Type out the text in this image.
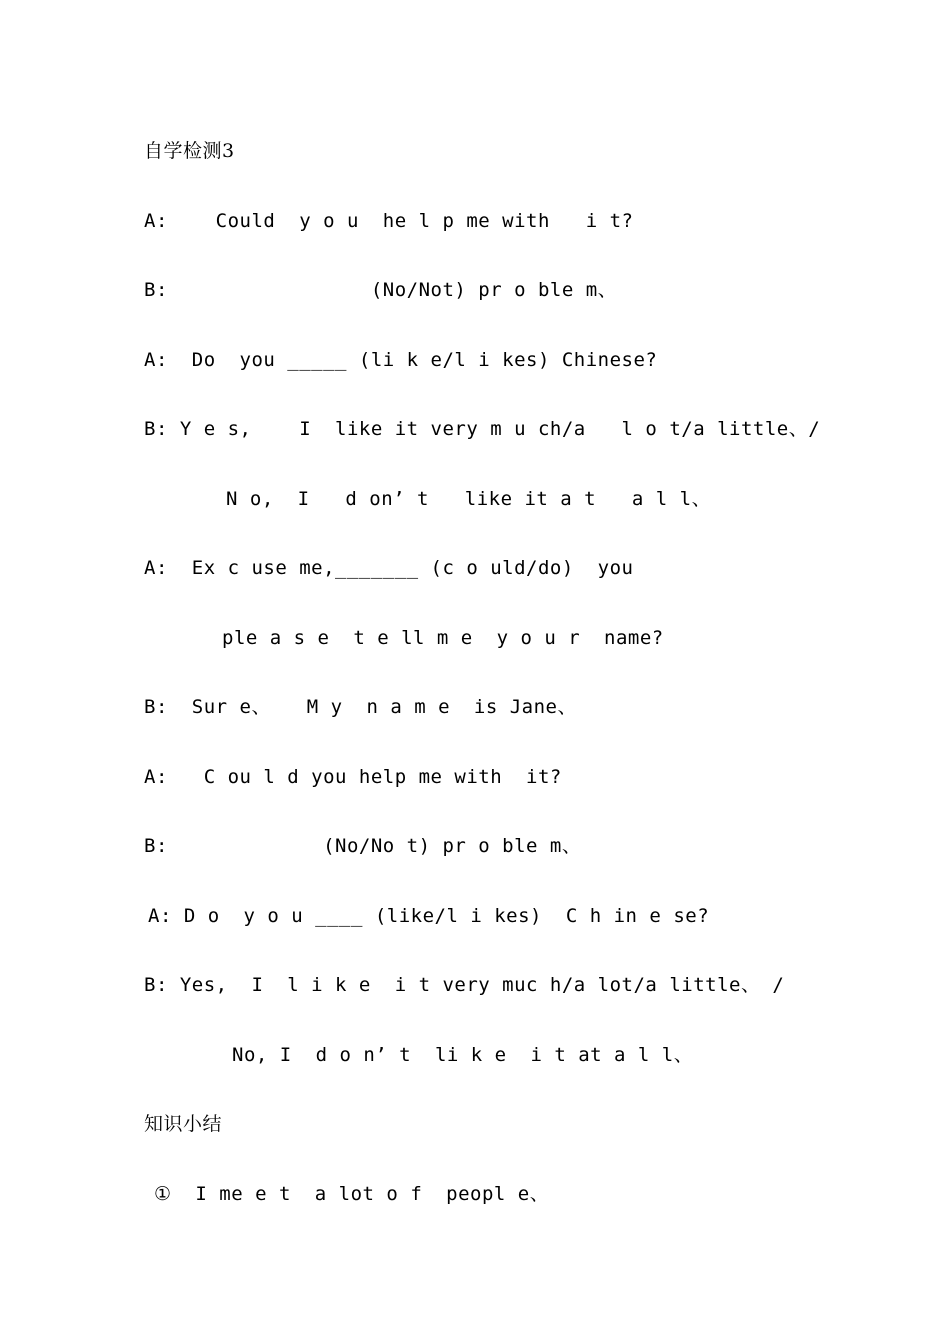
自学检测3
A:    Could  y o u  he l p me with   i t?
B:                 (No/Not) pr o ble m、
A:  Do  you _____ (li k e/l i kes) Chinese?
B: Y e s,    I  like it very m u ch/a   l o t/a little、/
N o,  I   d on’ t   like it a t   a l l、
A:  Ex c use me,_______ (c o uld/do)  you
ple a s e  t e ll m e  y o u r  name?
B:  Sur e、   M y  n a m e  is Jane、
A:   C ou l d you help me with  it?
B:             (No/No t) pr o ble m、
A: D o  y o u ____ (like/l i kes)  C h in e se?
B: Yes,  I  l i k e  i t very muc h/a lot/a little、 /
No, I  d o n’ t  li k e  i t at a l l、
知识小结
①  I me e t  a lot o f  peopl e、
